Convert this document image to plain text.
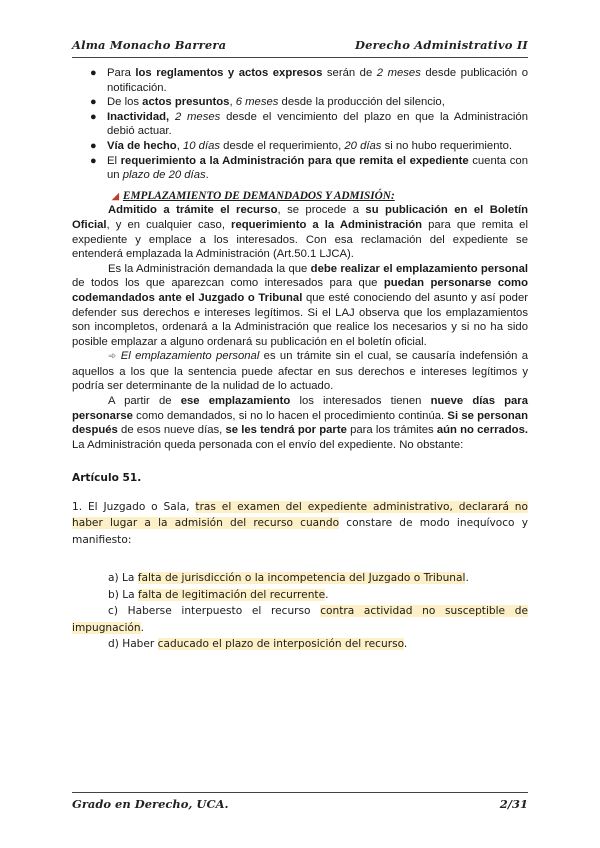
Alma Monacho Barrera	Derecho Administrativo II
● Para los reglamentos y actos expresos serán de 2 meses desde publicación o notificación.
● De los actos presuntos, 6 meses desde la producción del silencio,
● Inactividad, 2 meses desde el vencimiento del plazo en que la Administración debió actuar.
● Vía de hecho, 10 días desde el requerimiento, 20 días si no hubo requerimiento.
● El requerimiento a la Administración para que remita el expediente cuenta con un plazo de 20 días.
◢ EMPLAZAMIENTO DE DEMANDADOS Y ADMISIÓN:

Admitido a trámite el recurso, se procede a su publicación en el Boletín Oficial, y en cualquier caso, requerimiento a la Administración para que remita el expediente y emplace a los interesados. Con esa reclamación del expediente se entenderá emplazada la Administración (Art.50.1 LJCA).

Es la Administración demandada la que debe realizar el emplazamiento personal de todos los que aparezcan como interesados para que puedan personarse como codemandados ante el Juzgado o Tribunal que esté conociendo del asunto y así poder defender sus derechos e intereses legítimos. Si el LAJ observa que los emplazamientos son incompletos, ordenará a la Administración que realice los necesarios y si no ha sido posible emplazar a alguno ordenará su publicación en el boletín oficial.

➾ El emplazamiento personal es un trámite sin el cual, se causaría indefensión a aquellos a los que la sentencia puede afectar en sus derechos e intereses legítimos y podría ser determinante de la nulidad de lo actuado.

A partir de ese emplazamiento los interesados tienen nueve días para personarse como demandados, si no lo hacen el procedimiento continúa. Si se personan después de esos nueve días, se les tendrá por parte para los trámites aún no cerrados. La Administración queda personada con el envío del expediente. No obstante:

Artículo 51.

1. El Juzgado o Sala, tras el examen del expediente administrativo, declarará no haber lugar a la admisión del recurso cuando constare de modo inequívoco y manifiesto:

a) La falta de jurisdicción o la incompetencia del Juzgado o Tribunal.

b) La falta de legitimación del recurrente.

c) Haberse interpuesto el recurso contra actividad no susceptible de impugnación.

d) Haber caducado el plazo de interposición del recurso.

Grado en Derecho, UCA.	2/31
